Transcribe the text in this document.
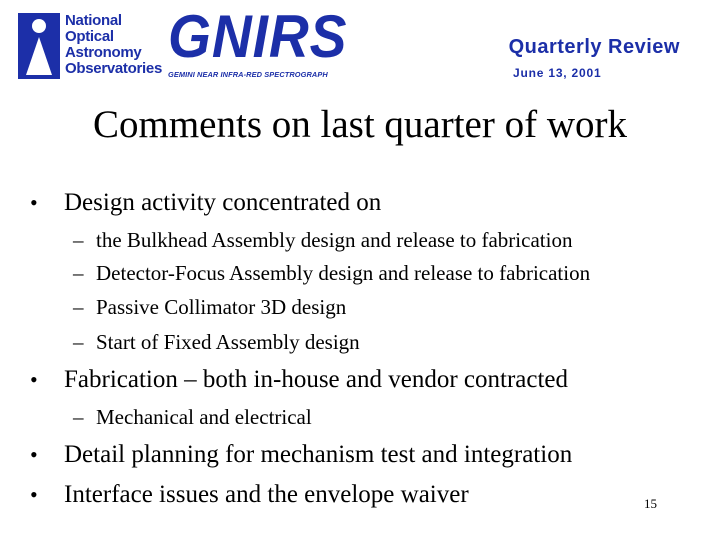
National
Optical
Astronomy
Observatories GNIRS
GEMINI NEAR INFRA-RED SPECTROGRAPH
Quarterly Review
June 13, 2001
Comments on last quarter of work
• Design activity concentrated on
– the Bulkhead Assembly design and release to fabrication
– Detector-Focus Assembly design and release to fabrication
– Passive Collimator 3D design
– Start of Fixed Assembly design
• Fabrication – both in-house and vendor contracted
– Mechanical and electrical
• Detail planning for mechanism test and integration
• Interface issues and the envelope waiver	15
